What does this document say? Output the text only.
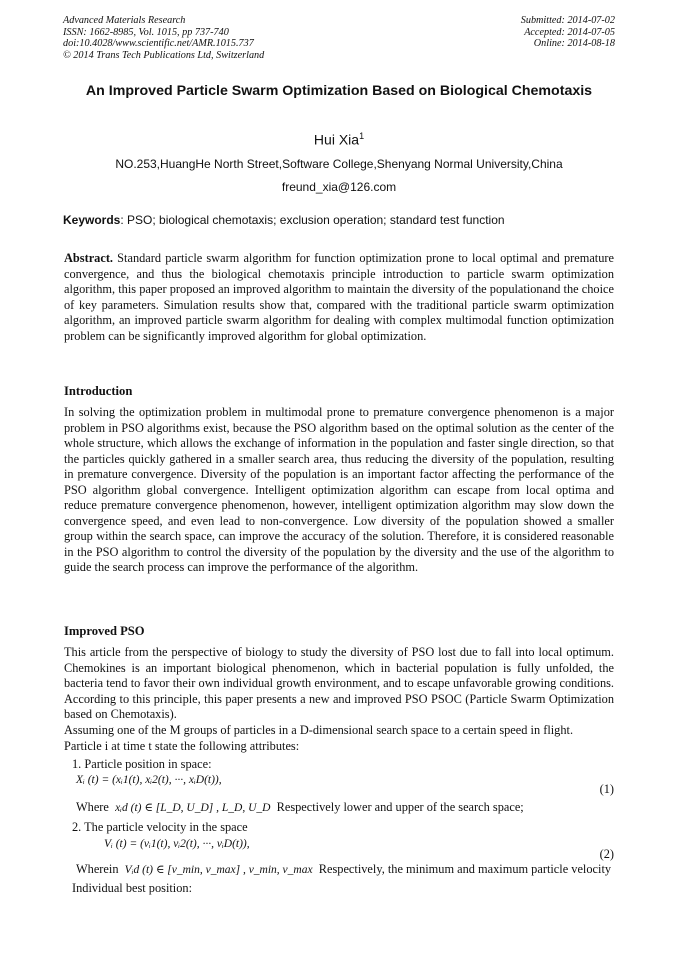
Advanced Materials Research
ISSN: 1662-8985, Vol. 1015, pp 737-740
doi:10.4028/www.scientific.net/AMR.1015.737
© 2014 Trans Tech Publications Ltd, Switzerland
Submitted: 2014-07-02
Accepted: 2014-07-05
Online: 2014-08-18
An Improved Particle Swarm Optimization Based on Biological Chemotaxis
Hui Xia$^1$
NO.253,HuangHe North Street,Software College,Shenyang Normal University,China
freund_xia@126.com
Keywords: PSO; biological chemotaxis; exclusion operation; standard test function
Abstract. Standard particle swarm algorithm for function optimization prone to local optimal and premature convergence, and thus the biological chemotaxis principle introduction to particle swarm optimization algorithm, this paper proposed an improved algorithm to maintain the diversity of the populationand the choice of key parameters. Simulation results show that, compared with the traditional particle swarm optimization algorithm, an improved particle swarm algorithm for dealing with complex multimodal function optimization problem can be significantly improved algorithm for global optimization.
Introduction
In solving the optimization problem in multimodal prone to premature convergence phenomenon is a major problem in PSO algorithms exist, because the PSO algorithm based on the optimal solution as the center of the whole structure, which allows the exchange of information in the population and faster single direction, so that the particles quickly gathered in a smaller search area, thus reducing the diversity of the population, resulting in premature convergence. Diversity of the population is an important factor affecting the performance of the PSO algorithm global convergence. Intelligent optimization algorithm can escape from local optima and reduce premature convergence phenomenon, however, intelligent optimization algorithm may slow down the convergence speed, and even lead to non-convergence. Low diversity of the population showed a smaller group within the search space, can improve the accuracy of the solution. Therefore, it is considered reasonable in the PSO algorithm to control the diversity of the population by the diversity and the use of the algorithm to guide the search process can improve the performance of the algorithm.
Improved PSO
This article from the perspective of biology to study the diversity of PSO lost due to fall into local optimum. Chemokines is an important biological phenomenon, which in bacterial population is fully unfolded, the bacteria tend to favor their own individual growth environment, and to escape unfavorable growing conditions. According to this principle, this paper presents a new and improved PSO PSOC (Particle Swarm Optimization based on Chemotaxis).
Assuming one of the M groups of particles in a D-dimensional search space to a certain speed in flight.
Particle i at time t state the following attributes:
1. Particle position in space:
Xᵢ (t) = (xᵢ1(t), xᵢ2(t), ···, xᵢD(t)),
(1)
Where xᵢd (t) ∈ [L_D, U_D] , L_D, U_D Respectively lower and upper of the search space;
2. The particle velocity in the space
Vᵢ (t) = (vᵢ1(t), vᵢ2(t), ···, vᵢD(t)),
(2)
Wherein Vᵢd (t) ∈ [v_min, v_max] , v_min, v_max Respectively, the minimum and maximum particle velocity
Individual best position:
